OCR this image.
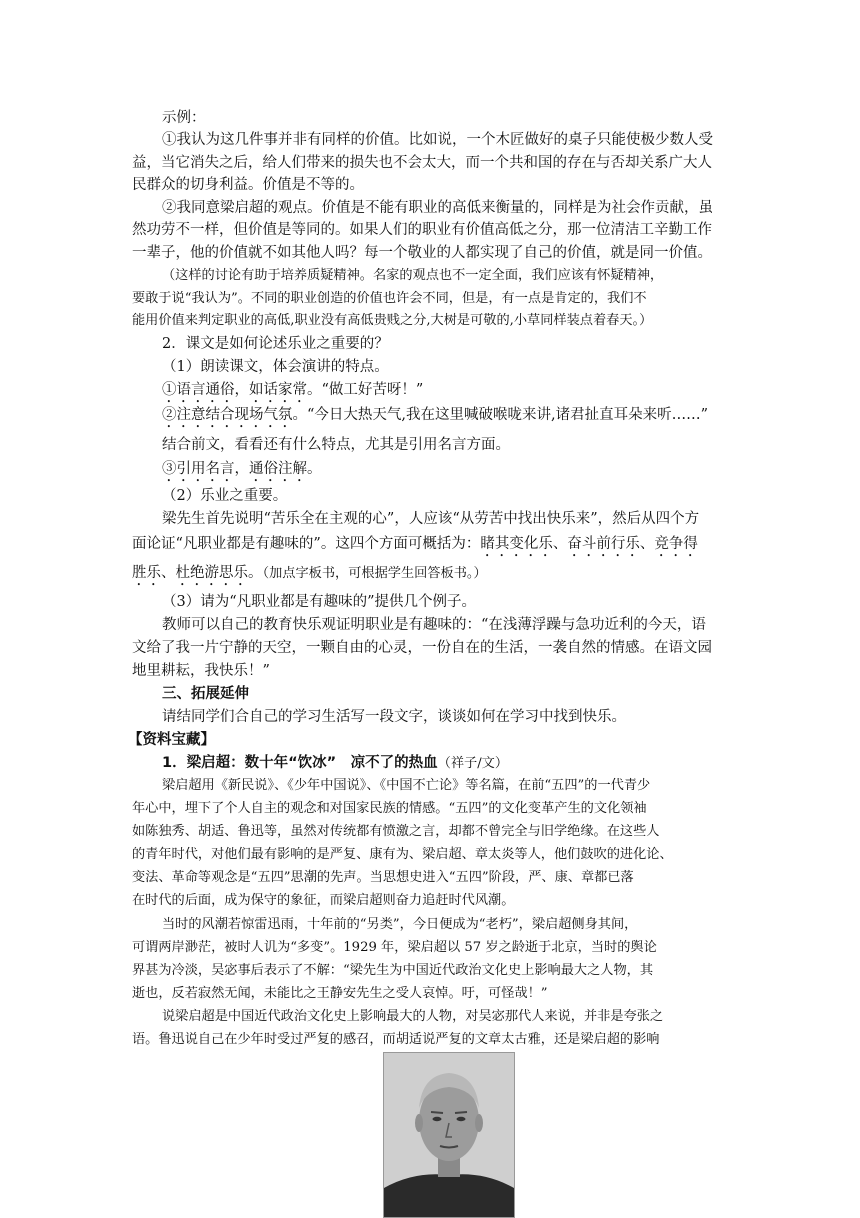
示例：
①我认为这几件事并非有同样的价值。比如说，一个木匠做好的桌子只能使极少数人受
益，当它消失之后，给人们带来的损失也不会太大，而一个共和国的存在与否却关系广大人
民群众的切身利益。价值是不等的。
②我同意梁启超的观点。价值是不能有职业的高低来衡量的，同样是为社会作贡献，虽
然功劳不一样，但价值是等同的。如果人们的职业有价值高低之分，那一位清洁工辛勤工作
一辈子，他的价值就不如其他人吗？每一个敬业的人都实现了自己的价值，就是同一价值。
（这样的讨论有助于培养质疑精神。名家的观点也不一定全面，我们应该有怀疑精神，
要敢于说“我认为”。不同的职业创造的价值也许会不同，但是，有一点是肯定的，我们不
能用价值来判定职业的高低,职业没有高低贵贱之分,大树是可敬的,小草同样装点着春天。）
2．课文是如何论述乐业之重要的？
（1）朗读课文，体会演讲的特点。
①语言通俗，如话家常。“做工好苦呀！”
②注意结合现场气氛。“今日大热天气,我在这里喊破喉咙来讲,诸君扯直耳朵来听……”
结合前文，看看还有什么特点，尤其是引用名言方面。
③引用名言，通俗注解。
（2）乐业之重要。
梁先生首先说明“苦乐全在主观的心”，人应该“从劳苦中找出快乐来”，然后从四个方
面论证“凡职业都是有趣味的”。这四个方面可概括为：睹其变化乐、奋斗前行乐、竞争得
胜乐、杜绝游思乐。（加点字板书，可根据学生回答板书。）
（3）请为“凡职业都是有趣味的”提供几个例子。
教师可以自己的教育快乐观证明职业是有趣味的：“在浅薄浮躁与急功近利的今天，语
文给了我一片宁静的天空，一颗自由的心灵，一份自在的生活，一袭自然的情感。在语文园
地里耕耘，我快乐！”
三、拓展延伸
请结同学们合自己的学习生活写一段文字，谈谈如何在学习中找到快乐。
【资料宝藏】
1．梁启超：数十年“饮冰”　凉不了的热血（祥子/文）
梁启超用《新民说》、《少年中国说》、《中国不亡论》等名篇，在前“五四”的一代青少
年心中，埋下了个人自主的观念和对国家民族的情感。“五四”的文化变革产生的文化领袖
如陈独秀、胡适、鲁迅等，虽然对传统都有愤激之言，却都不曾完全与旧学绝缘。在这些人
的青年时代，对他们最有影响的是严复、康有为、梁启超、章太炎等人，他们鼓吹的进化论、
变法、革命等观念是“五四”思潮的先声。当思想史进入“五四”阶段，严、康、章都已落
在时代的后面，成为保守的象征，而梁启超则奋力追赶时代风潮。
当时的风潮若惊雷迅雨，十年前的“另类”，今日便成为“老朽”，梁启超侧身其间，
可谓两岸渺茫，被时人讥为“多变”。1929 年，梁启超以 57 岁之龄逝于北京，当时的舆论
界甚为冷淡，吴宓事后表示了不解：“梁先生为中国近代政治文化史上影响最大之人物，其
逝也，反若寂然无闻，未能比之王静安先生之受人哀悼。吁，可怪哉！”
说梁启超是中国近代政治文化史上影响最大的人物，对吴宓那代人来说，并非是夸张之
语。鲁迅说自己在少年时受过严复的感召，而胡适说严复的文章太古雅，还是梁启超的影响
